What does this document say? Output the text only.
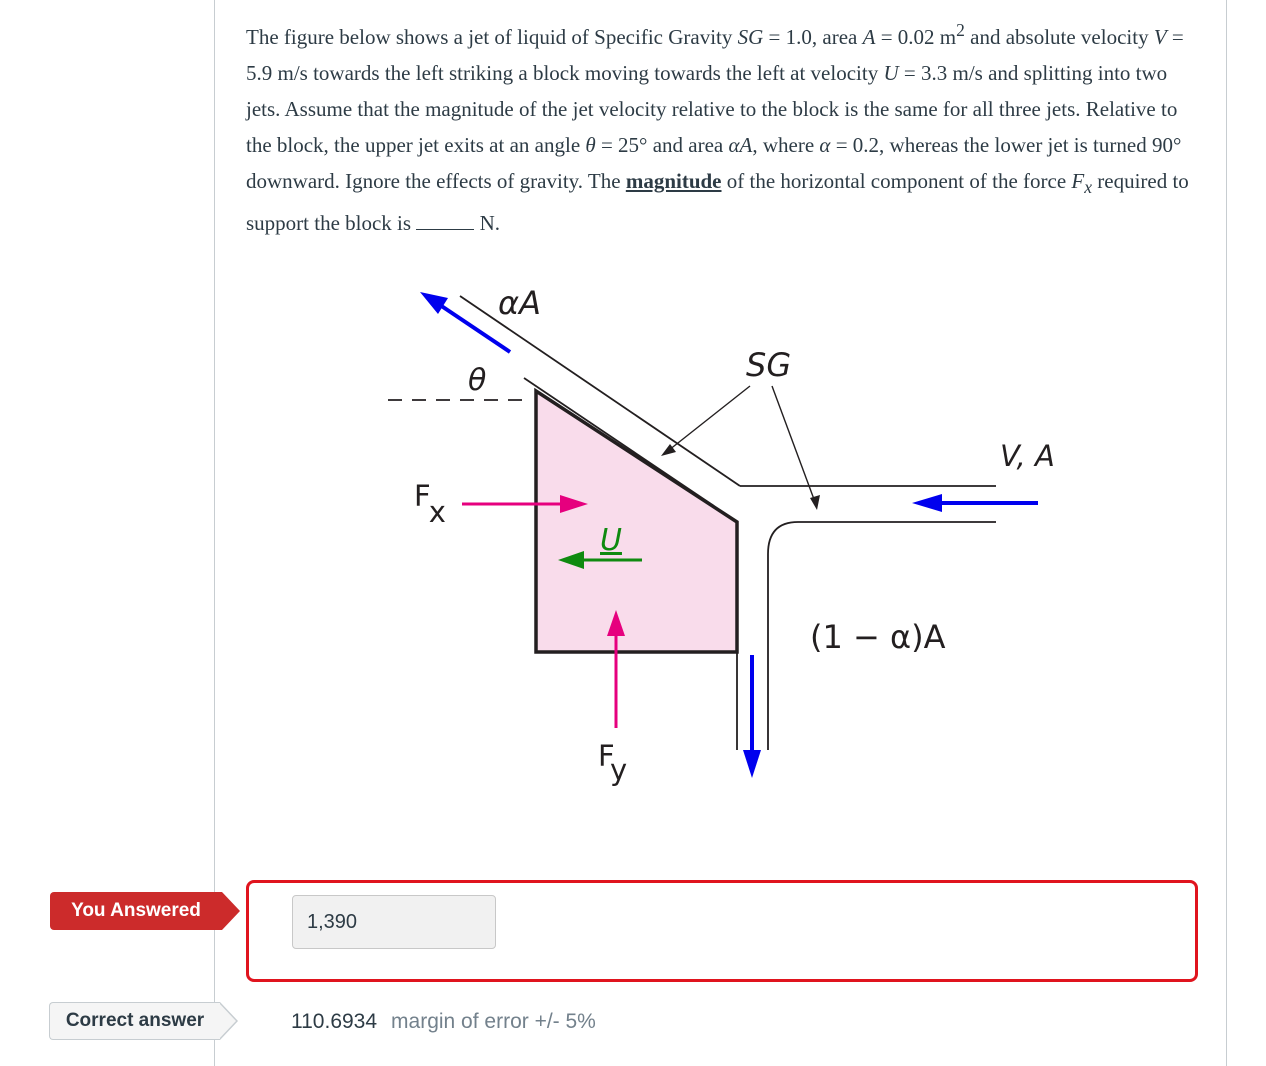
The figure below shows a jet of liquid of Specific Gravity SG = 1.0, area A = 0.02 $m^2$ and absolute velocity V = 5.9 m/s towards the left striking a block moving towards the left at velocity U = 3.3 m/s and splitting into two jets. Assume that the magnitude of the jet velocity relative to the block is the same for all three jets. Relative to the block, the upper jet exits at an angle θ = 25° and area αA, where α = 0.2, whereas the lower jet is turned 90° downward. Ignore the effects of gravity. The magnitude of the horizontal component of the force $F_x$ required to support the block is	N.

αA
θ	SG
V, A
Fx
U
(1 − α)A
Fy
You Answered
1,390
Correct answer	110.6934 margin of error +/- 5%
